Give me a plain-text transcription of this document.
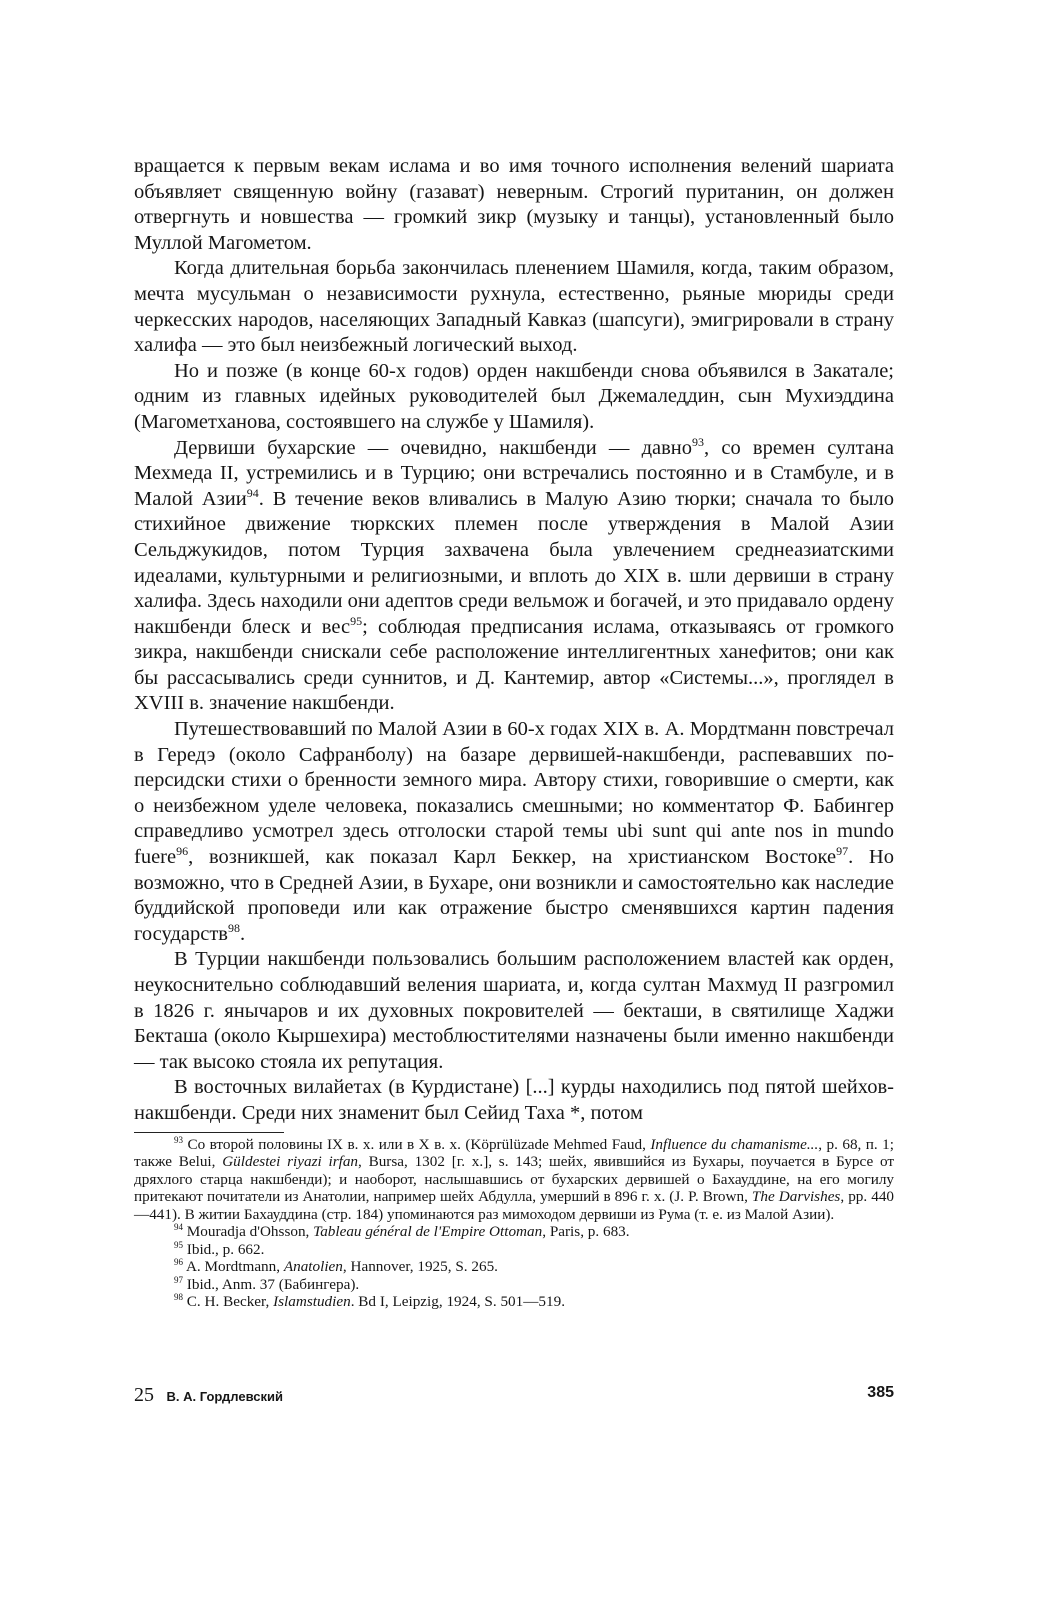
вращается к первым векам ислама и во имя точного исполнения велений шариата объявляет священную войну (газават) неверным. Строгий пуританин, он должен отвергнуть и новшества — громкий зикр (музыку и танцы), установленный было Муллой Магометом.

Когда длительная борьба закончилась пленением Шамиля, когда, таким образом, мечта мусульман о независимости рухнула, естественно, рьяные мюриды среди черкесских народов, населяющих Западный Кавказ (шапсуги), эмигрировали в страну халифа — это был неизбежный логический выход.

Но и позже (в конце 60-х годов) орден накшбенди снова объявился в Закатале; одним из главных идейных руководителей был Джемаледдин, сын Мухиэддина (Магометханова, состоявшего на службе у Шамиля).

Дервиши бухарские — очевидно, накшбенди — давно$^{93}$, со времен султана Мехмеда II, устремились и в Турцию; они встречались постоянно и в Стамбуле, и в Малой Азии$^{94}$. В течение веков вливались в Малую Азию тюрки; сначала то было стихийное движение тюркских племен после утверждения в Малой Азии Сельджукидов, потом Турция захвачена была увлечением среднеазиатскими идеалами, культурными и религиозными, и вплоть до XIX в. шли дервиши в страну халифа. Здесь находили они адептов среди вельмож и богачей, и это придавало ордену накшбенди блеск и вес$^{95}$; соблюдая предписания ислама, отказываясь от громкого зикра, накшбенди снискали себе расположение интеллигентных ханефитов; они как бы рассасывались среди суннитов, и Д. Кантемир, автор «Системы...», проглядел в XVIII в. значение накшбенди.

Путешествовавший по Малой Азии в 60-х годах XIX в. А. Мордтманн повстречал в Гередэ (около Сафранболу) на базаре дервишей-накшбенди, распевавших по-персидски стихи о бренности земного мира. Автору стихи, говорившие о смерти, как о неизбежном уделе человека, показались смешными; но комментатор Ф. Бабингер справедливо усмотрел здесь отголоски старой темы ubi sunt qui ante nos in mundo fuere$^{96}$, возникшей, как показал Карл Беккер, на христианском Востоке$^{97}$. Но возможно, что в Средней Азии, в Бухаре, они возникли и самостоятельно как наследие буддийской проповеди или как отражение быстро сменявшихся картин падения государств$^{98}$.

В Турции накшбенди пользовались большим расположением властей как орден, неукоснительно соблюдавший веления шариата, и, когда султан Махмуд II разгромил в 1826 г. янычаров и их духовных покровителей — бекташи, в святилище Хаджи Бекташа (около Кыршехира) местоблюстителями назначены были именно накшбенди — так высоко стояла их репутация.

В восточных вилайетах (в Курдистане) [...] курды находились под пятой шейхов-накшбенди. Среди них знаменит был Сейид Таха *, потом

$^{93}$ Со второй половины IX в. х. или в X в. х. (Köprülüzade Mehmed Faud, Influence du chamanisme..., p. 68, п. 1; также Belui, Güldestei riyazi irfan, Bursa, 1302 [г. х.], s. 143; шейх, явившийся из Бухары, поучается в Бурсе от дряхлого старца накшбенди); и наоборот, наслышавшись от бухарских дервишей о Бахауддине, на его могилу притекают почитатели из Анатолии, например шейх Абдулла, умерший в 896 г. х. (J. P. Brown, The Darvishes, pp. 440—441). В житии Бахауддина (стр. 184) упоминаются раз мимоходом дервиши из Рума (т. е. из Малой Азии).

$^{94}$ Mouradja d'Ohsson, Tableau général de l'Empire Ottoman, Paris, p. 683.

$^{95}$ Ibid., p. 662.

$^{96}$ A. Mordtmann, Anatolien, Hannover, 1925, S. 265.

$^{97}$ Ibid., Anm. 37 (Бабингера).

$^{98}$ C. H. Becker, Islamstudien. Bd I, Leipzig, 1924, S. 501—519.

25 В. А. Гордлевский	385
